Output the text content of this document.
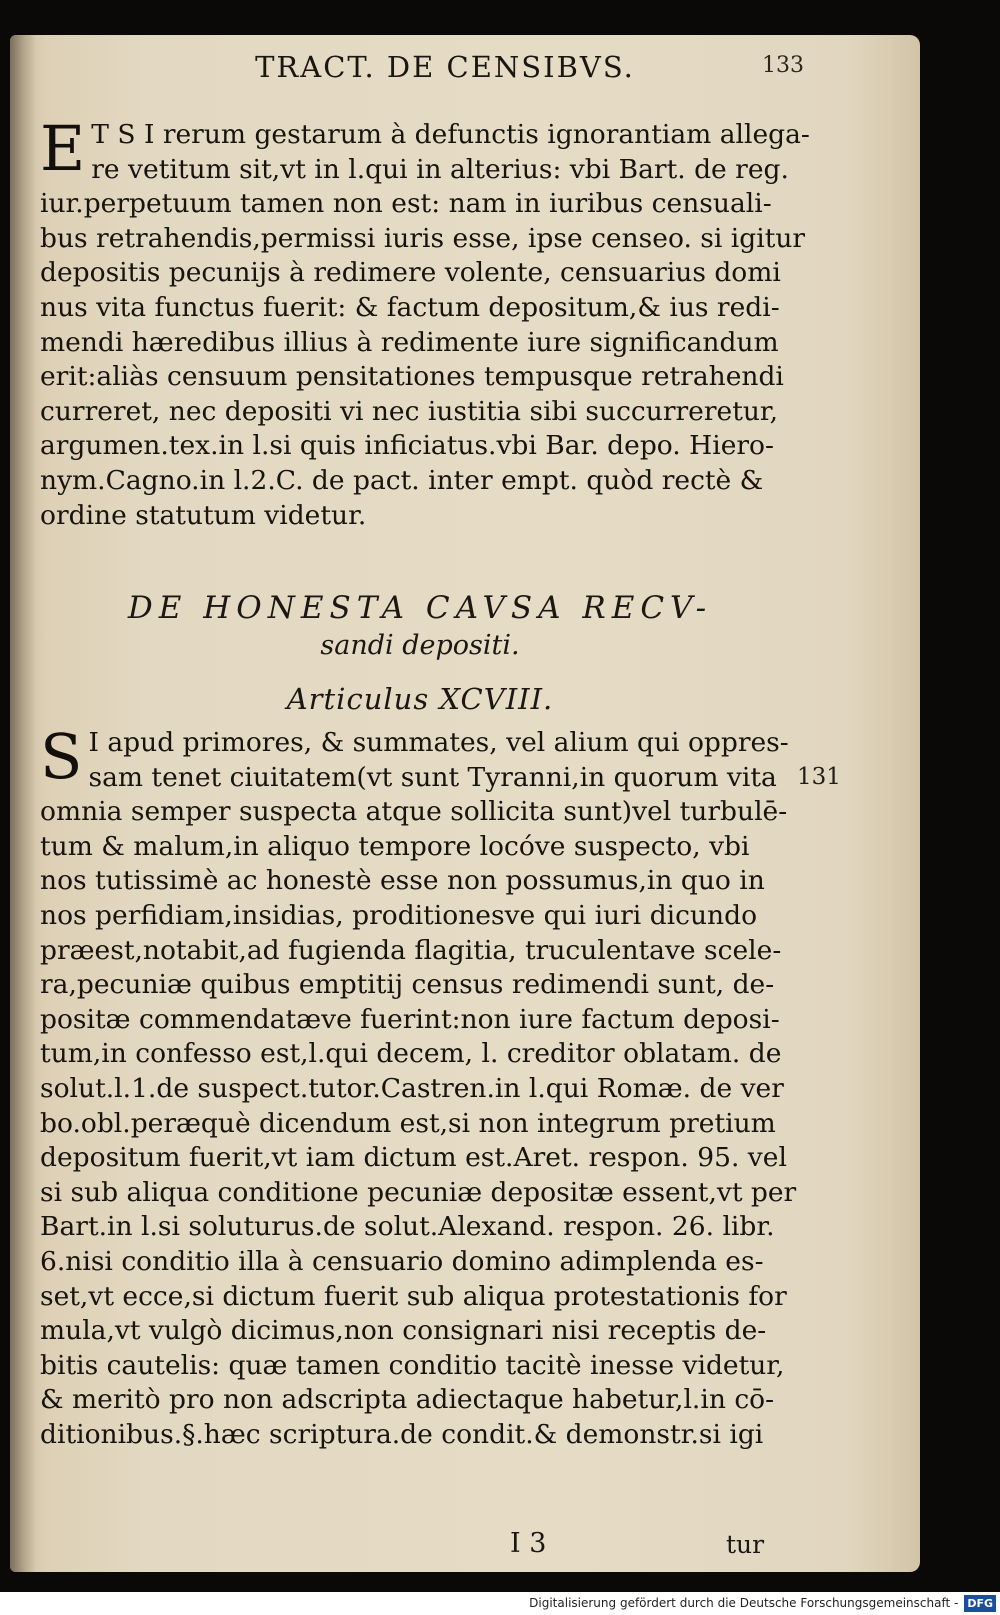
TRACT. DE CENSIBVS.	133
E T S I rerum gestarum à defunctis ignorantiam allega-
re vetitum sit,vt in l.qui in alterius: vbi Bart. de reg.
iur.perpetuum tamen non est: nam in iuribus censuali-
bus retrahendis,permissi iuris esse, ipse censeo. si igitur
depositis pecunijs à redimere volente, censuarius domi
nus vita functus fuerit: & factum depositum,& ius redi-
mendi hæredibus illius à redimente iure significandum
erit:aliàs censuum pensitationes tempusque retrahendi
curreret, nec depositi vi nec iustitia sibi succurreretur,
argumen.tex.in l.si quis inficiatus.vbi Bar. depo. Hiero-
nym.Cagno.in l.2.C. de pact. inter empt. quòd rectè &
ordine statutum videtur.
DE HONESTA CAVSA RECV-
sandi depositi.
Articulus XCVIII.
S I apud primores, & summates, vel alium qui oppres-
sam tenet ciuitatem(vt sunt Tyranni,in quorum vita
omnia semper suspecta atque sollicita sunt)vel turbulē-
tum & malum,in aliquo tempore locóve suspecto, vbi
nos tutissimè ac honestè esse non possumus,in quo in
nos perfidiam,insidias, proditionesve qui iuri dicundo
præest,notabit,ad fugienda flagitia, truculentave scele-
ra,pecuniæ quibus emptitij census redimendi sunt, de-
positæ commendatæve fuerint:non iure factum deposi-
tum,in confesso est,l.qui decem, l. creditor oblatam. de
solut.l.1.de suspect.tutor.Castren.in l.qui Romæ. de ver
bo.obl.peræquè dicendum est,si non integrum pretium
depositum fuerit,vt iam dictum est.Aret. respon. 95. vel
si sub aliqua conditione pecuniæ depositæ essent,vt per
Bart.in l.si soluturus.de solut.Alexand. respon. 26. libr.
6.nisi conditio illa à censuario domino adimplenda es-
set,vt ecce,si dictum fuerit sub aliqua protestationis for
mula,vt vulgò dicimus,non consignari nisi receptis de-
bitis cautelis: quæ tamen conditio tacitè inesse videtur,
& meritò pro non adscripta adiectaque habetur,l.in cō-
ditionibus.§.hæc scriptura.de condit.& demonstr.si igi
131
I 3	tur
Digitalisierung gefördert durch die Deutsche Forschungsgemeinschaft - DFG
